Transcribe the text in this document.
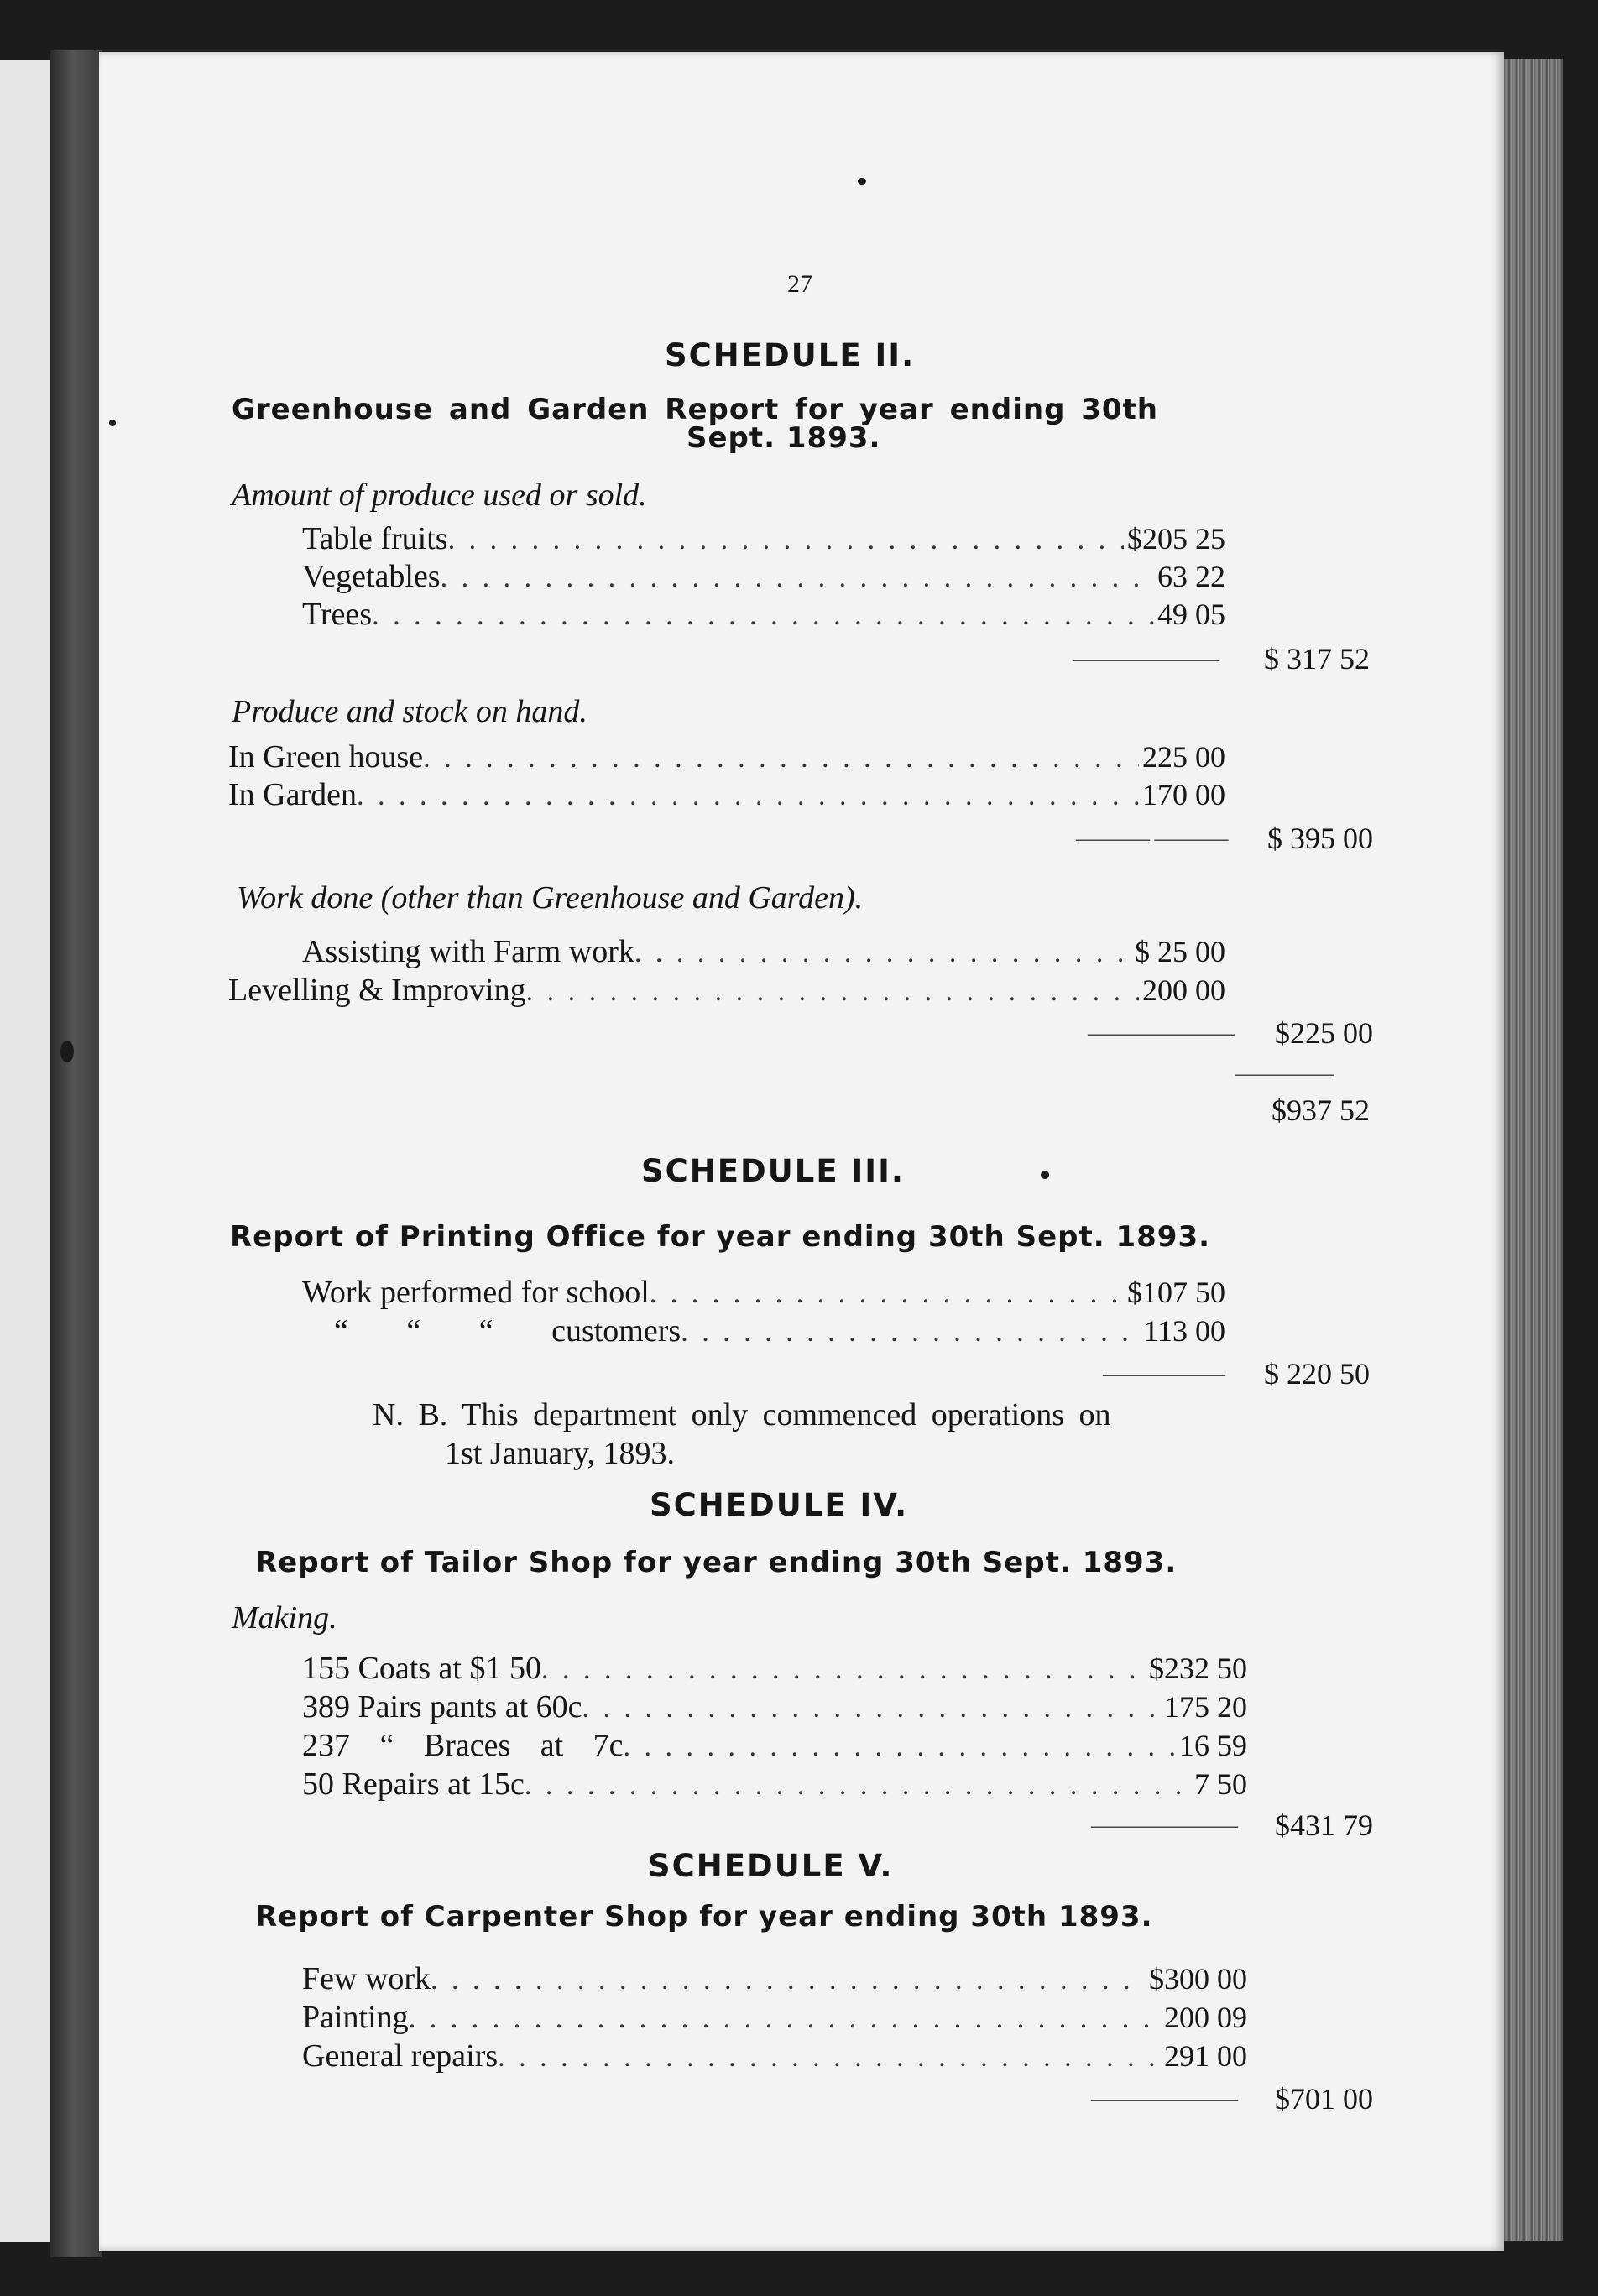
27
SCHEDULE II.
Greenhouse and Garden Report for year ending 30th
Sept. 1893.
Amount of produce used or sold.
Table fruits . . .	$205 25
Vegetables . . .	63 22
Trees . . .	49 05
——————	$ 317 52
Produce and stock on hand.
In Green house . . .	225 00
In Garden . . .	170 00
——— ———	$ 395 00
Work done (other than Greenhouse and Garden).
Assisting with Farm work . . .	$ 25 00
Levelling & Improving . . .	200 00
——————	$225 00
————
$937 52
SCHEDULE III.
Report of Printing Office for year ending 30th Sept. 1893.
Work performed for school . . .	$107 50
“ “ “ customers . . .	113 00
—————	$ 220 50
N. B. This department only commenced operations on
1st January, 1893.
SCHEDULE IV.
Report of Tailor Shop for year ending 30th Sept. 1893.
Making.
155 Coats at $1 50 . . .	$232 50
389 Pairs pants at 60c . . .	175 20
237 “ Braces at 7c . . .	16 59
50 Repairs at 15c . . .	7 50
——————	$431 79
SCHEDULE V.
Report of Carpenter Shop for year ending 30th 1893.
Few work . . .	$300 00
Painting . . .	200 09
General repairs . . .	291 00
——————	$701 00
